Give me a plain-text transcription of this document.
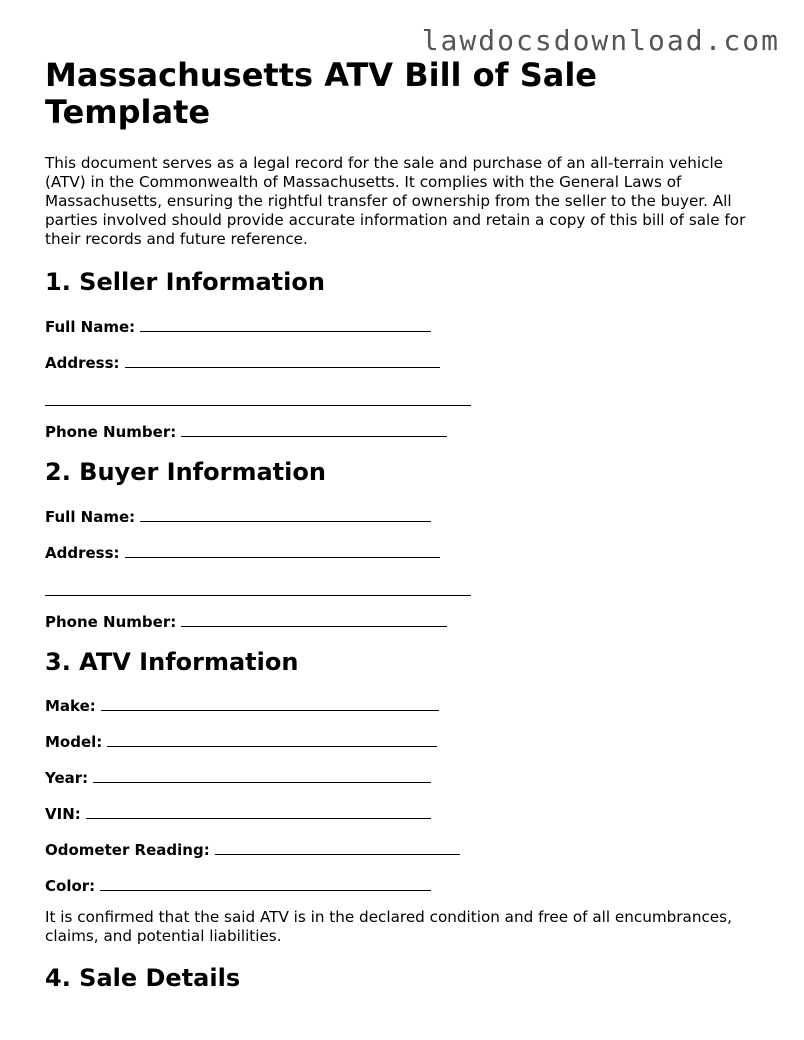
lawdocsdownload.com
Massachusetts ATV Bill of Sale Template

This document serves as a legal record for the sale and purchase of an all-terrain vehicle (ATV) in the Commonwealth of Massachusetts. It complies with the General Laws of Massachusetts, ensuring the rightful transfer of ownership from the seller to the buyer. All parties involved should provide accurate information and retain a copy of this bill of sale for their records and future reference.

1. Seller Information
Full Name:
Address:
Phone Number:
2. Buyer Information
Full Name:
Address:
Phone Number:
3. ATV Information
Make:
Model:
Year:
VIN:
Odometer Reading:
Color:

It is confirmed that the said ATV is in the declared condition and free of all encumbrances, claims, and potential liabilities.

4. Sale Details
